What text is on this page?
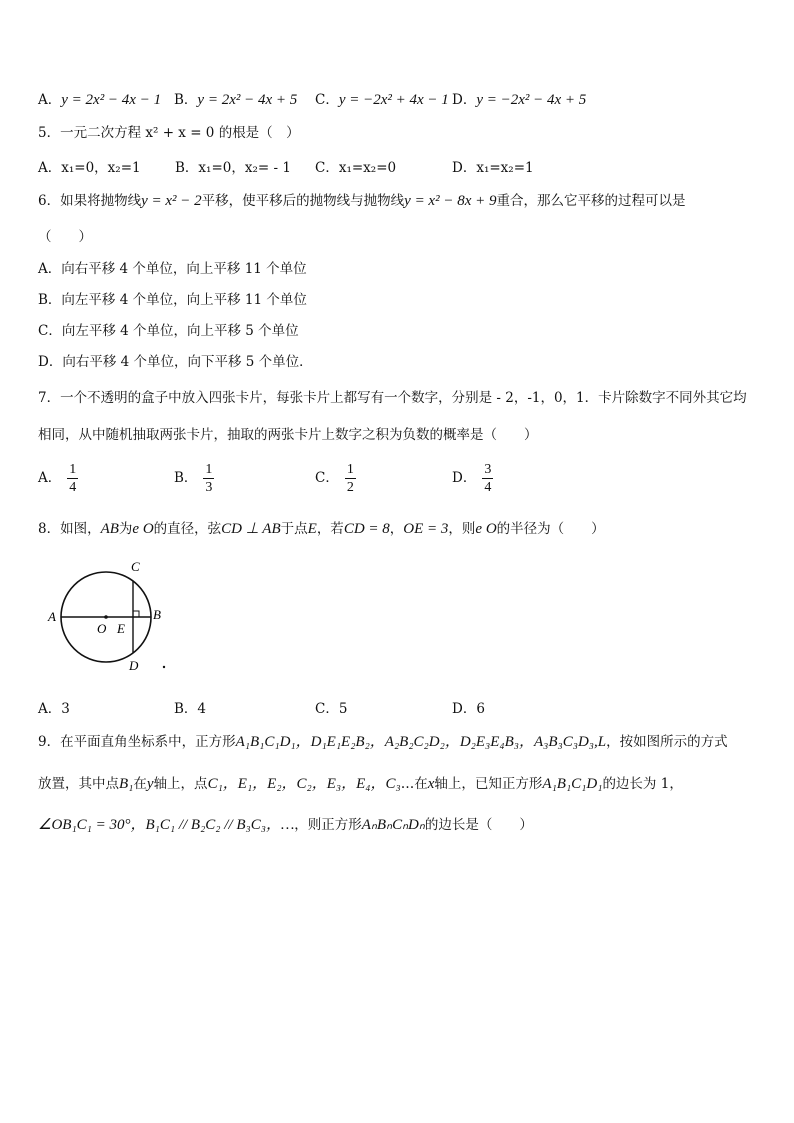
A．y = 2x² − 4x − 1 B．y = 2x² − 4x + 5 C．y = −2x² + 4x − 1 D．y = −2x² − 4x + 5
5．一元二次方程 x² + x = 0 的根是（　）
A．x₁=0，x₂=1	B．x₁=0，x₂= - 1 C．x₁=x₂=0	D．x₁=x₂=1
6．如果将抛物线y = x² − 2平移，使平移后的抛物线与抛物线y = x² − 8x + 9重合，那么它平移的过程可以是
（　　）
A．向右平移 4 个单位，向上平移 11 个单位
B．向左平移 4 个单位，向上平移 11 个单位
C．向左平移 4 个单位，向上平移 5 个单位
D．向右平移 4 个单位，向下平移 5 个单位．
7．一个不透明的盒子中放入四张卡片，每张卡片上都写有一个数字，分别是 - 2，-1，0，1．卡片除数字不同外其它均
相同，从中随机抽取两张卡片，抽取的两张卡片上数字之积为负数的概率是（　　）
A． $\frac{1}{4}$	B． $\frac{1}{3}$	C． $\frac{1}{2}$	D． $\frac{3}{4}$
8．如图，AB为e O的直径，弦CD ⊥ AB于点E，若CD = 8，OE = 3，则e O的半径为（　　）
A	B
C
D
O E
A．3	B．4	C．5	D．6
9．在平面直角坐标系中，正方形A₁B₁C₁D₁，D₁E₁E₂B₂，A₂B₂C₂D₂，D₂E₃E₄B₃，A₃B₃C₃D₃,L，按如图所示的方式
放置，其中点B₁在y轴上，点C₁，E₁，E₂，C₂，E₃，E₄，C₃…在x轴上，已知正方形A₁B₁C₁D₁的边长为 1，
∠OB₁C₁ = 30°，B₁C₁ // B₂C₂ // B₃C₃，…，则正方形AₙBₙCₙDₙ的边长是（　　）
